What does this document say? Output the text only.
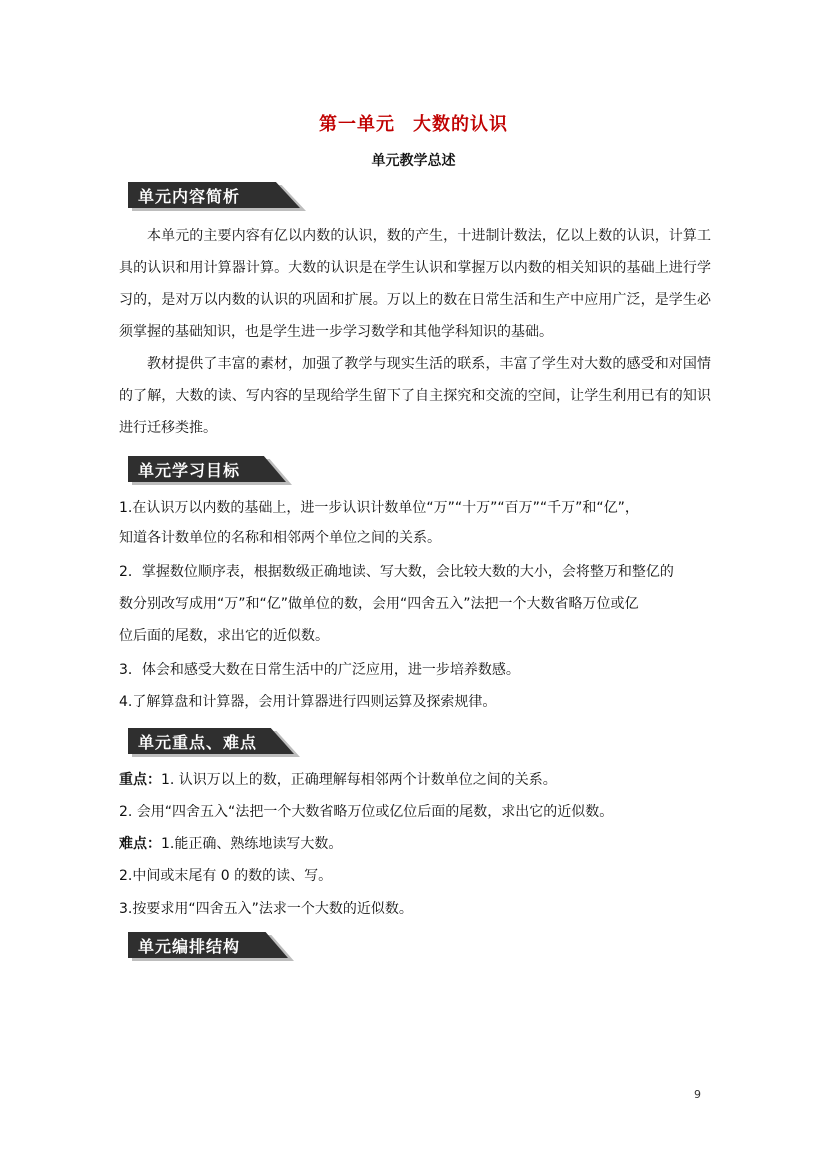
第一单元 大数的认识
单元教学总述
单元内容简析

本单元的主要内容有亿以内数的认识，数的产生，十进制计数法，亿以上数的认识，计算工具的认识和用计算器计算。大数的认识是在学生认识和掌握万以内数的相关知识的基础上进行学习的，是对万以内数的认识的巩固和扩展。万以上的数在日常生活和生产中应用广泛，是学生必须掌握的基础知识，也是学生进一步学习数学和其他学科知识的基础。

教材提供了丰富的素材，加强了教学与现实生活的联系，丰富了学生对大数的感受和对国情的了解，大数的读、写内容的呈现给学生留下了自主探究和交流的空间，让学生利用已有的知识进行迁移类推。

单元学习目标
1.在认识万以内数的基础上，进一步认识计数单位“万”“十万”“百万”“千万”和“亿”，
知道各计数单位的名称和相邻两个单位之间的关系。
2．掌握数位顺序表，根据数级正确地读、写大数，会比较大数的大小，会将整万和整亿的
数分别改写成用“万”和“亿”做单位的数，会用“四舍五入”法把一个大数省略万位或亿
位后面的尾数，求出它的近似数。
3．体会和感受大数在日常生活中的广泛应用，进一步培养数感。
4.了解算盘和计算器，会用计算器进行四则运算及探索规律。
单元重点、难点
重点：1. 认识万以上的数，正确理解每相邻两个计数单位之间的关系。
2. 会用“四舍五入“法把一个大数省略万位或亿位后面的尾数，求出它的近似数。
难点：1.能正确、熟练地读写大数。
2.中间或末尾有 0 的数的读、写。
3.按要求用“四舍五入”法求一个大数的近似数。
单元编排结构
9
